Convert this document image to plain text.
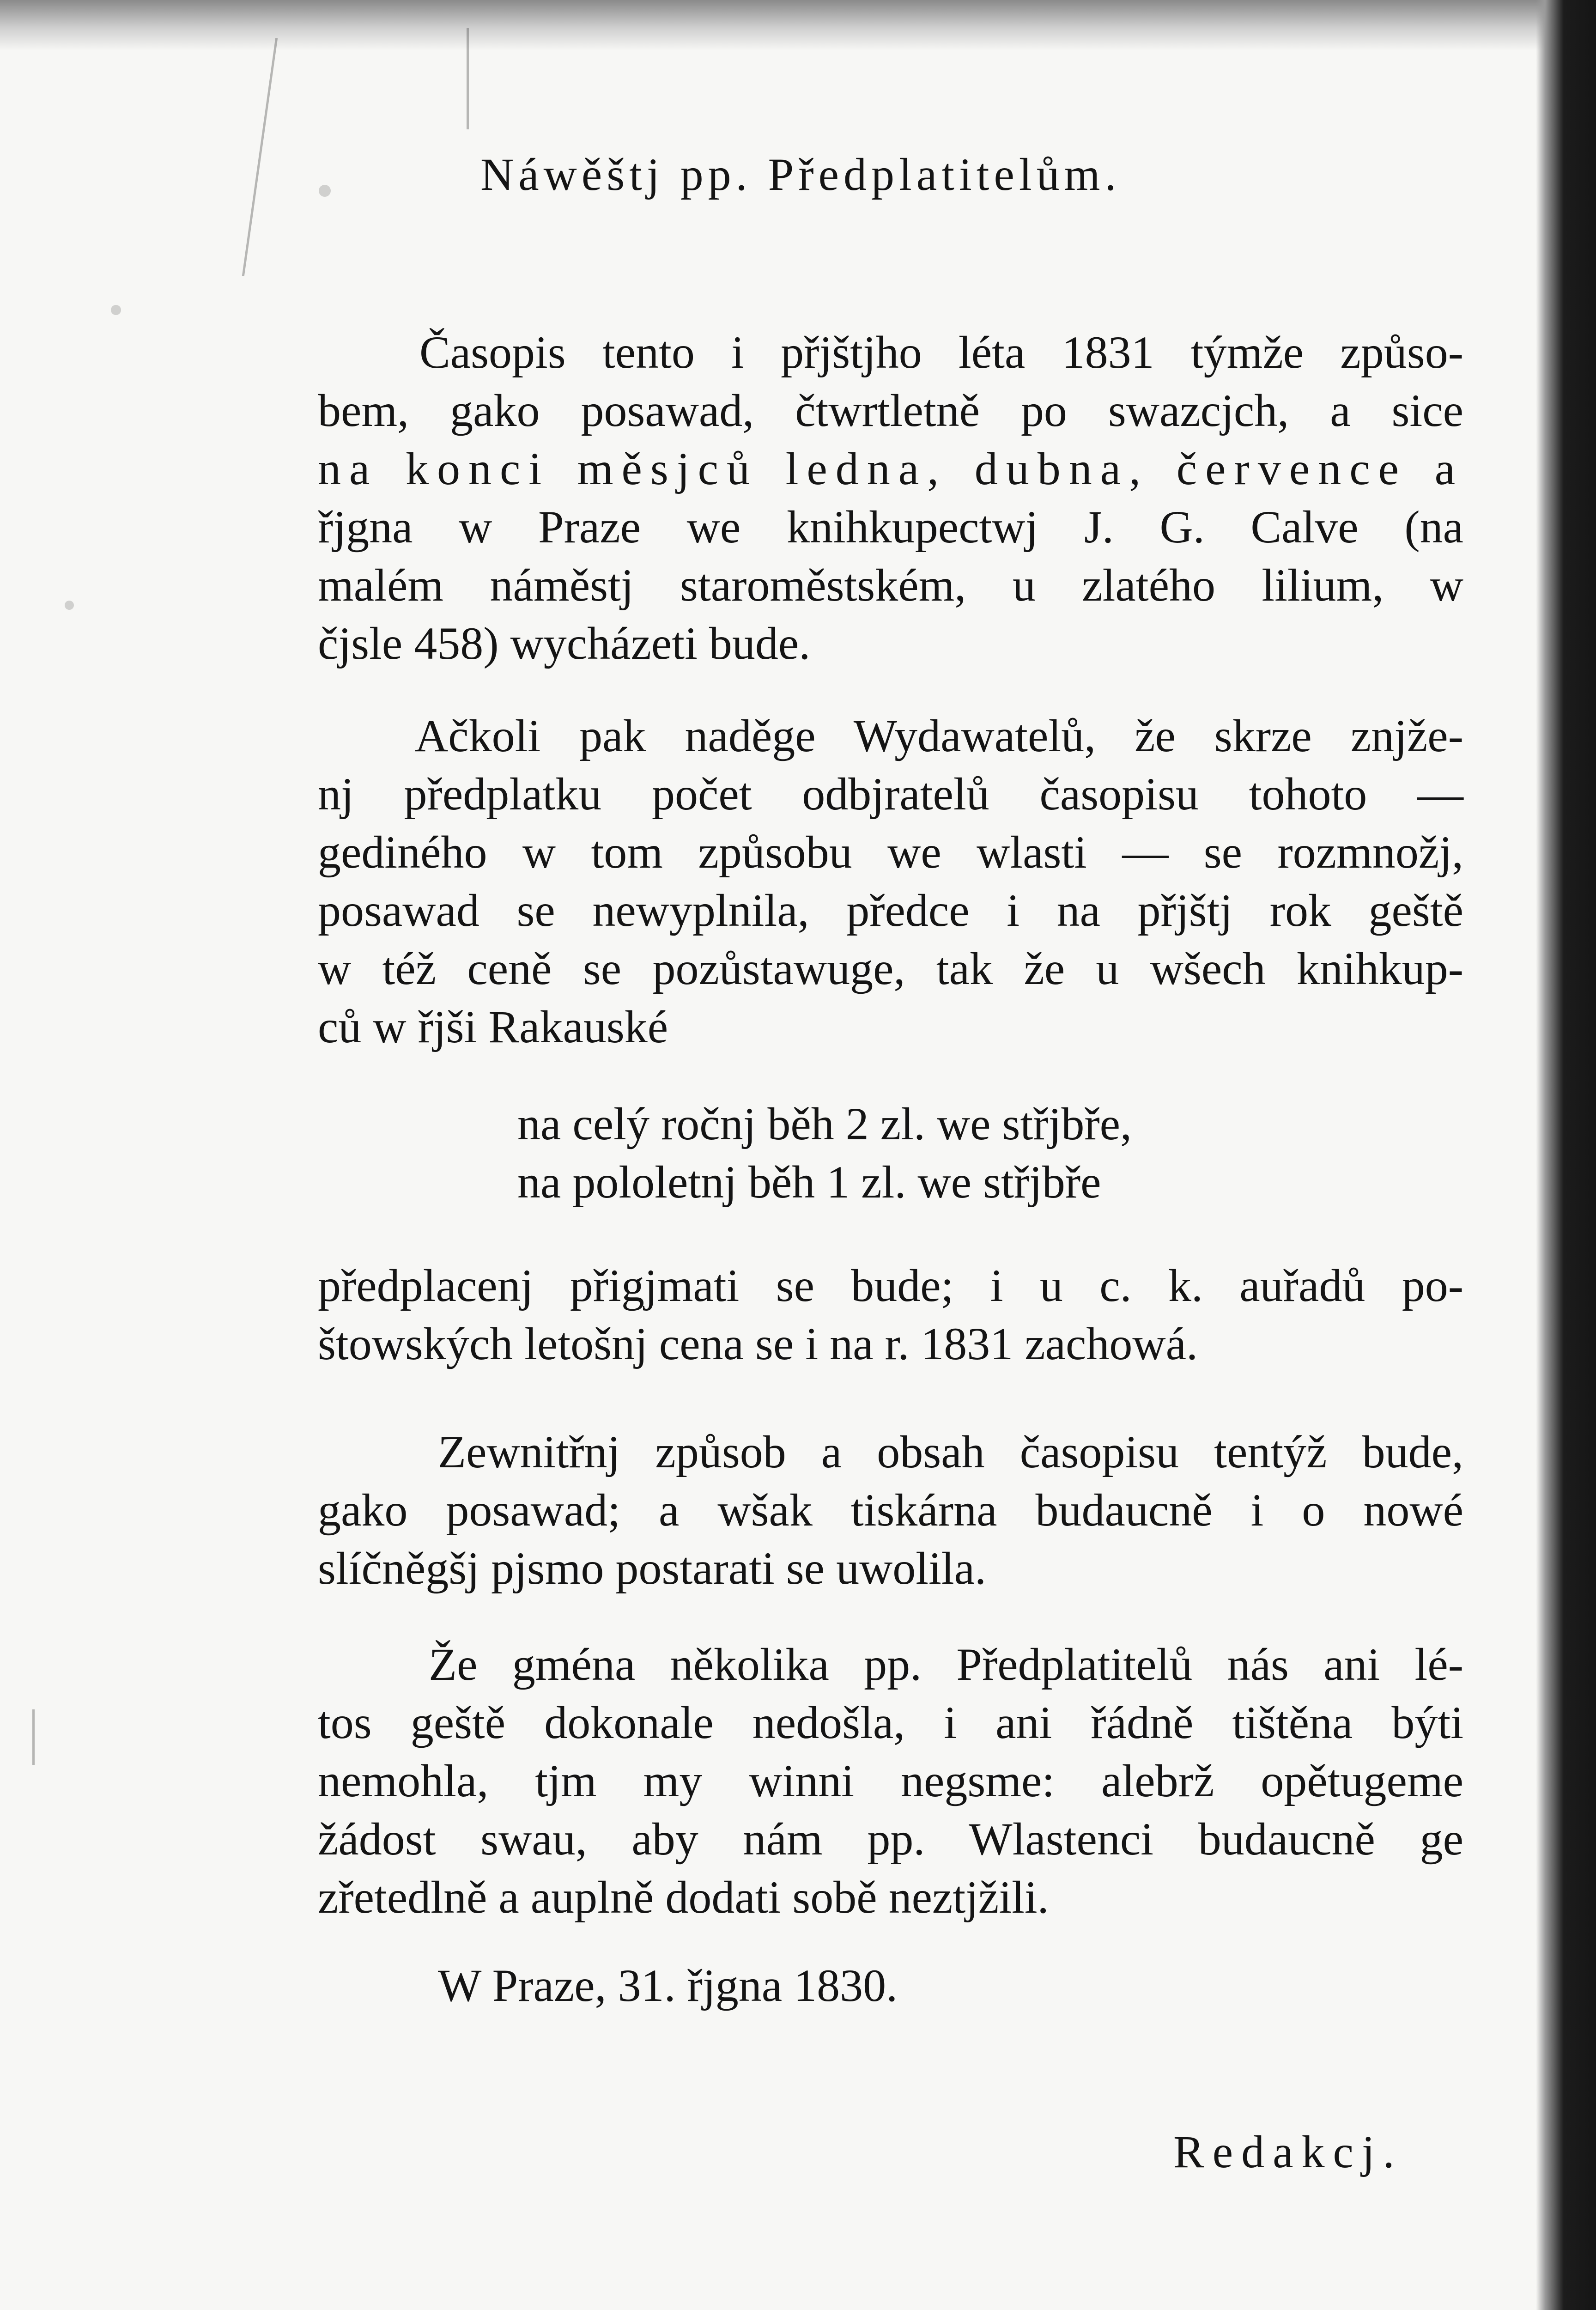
Náwěštj pp. Předplatitelům.
Časopis tento i přjštjho léta 1831 týmže způso-
bem, gako posawad, čtwrtletně po swazcjch, a sice
na konci měsjců ledna, dubna, července a
řjgna w Praze we knihkupectwj J. G. Calve (na
malém náměstj staroměstském, u zlatého lilium, w
čjsle 458) wycházeti bude.
Ačkoli pak naděge Wydawatelů, že skrze znjže-
nj předplatku počet odbjratelů časopisu tohoto —
gediného w tom způsobu we wlasti — se rozmnožj,
posawad se newyplnila, předce i na přjštj rok geště
w též ceně se pozůstawuge, tak že u wšech knihkup-
ců w řjši Rakauské
na celý ročnj běh 2 zl. we střjbře,
na pololetnj běh 1 zl. we střjbře
předplacenj přigjmati se bude; i u c. k. auřadů po-
štowských letošnj cena se i na r. 1831 zachowá.
Zewnitřnj způsob a obsah časopisu tentýž bude,
gako posawad; a wšak tiskárna budaucně i o nowé
slíčněgšj pjsmo postarati se uwolila.
Že gména několika pp. Předplatitelů nás ani lé-
tos geště dokonale nedošla, i ani řádně tištěna býti
nemohla, tjm my winni negsme: alebrž opětugeme
žádost swau, aby nám pp. Wlastenci budaucně ge
zřetedlně a auplně dodati sobě neztjžili.
W Praze, 31. řjgna 1830.
Redakcj.
